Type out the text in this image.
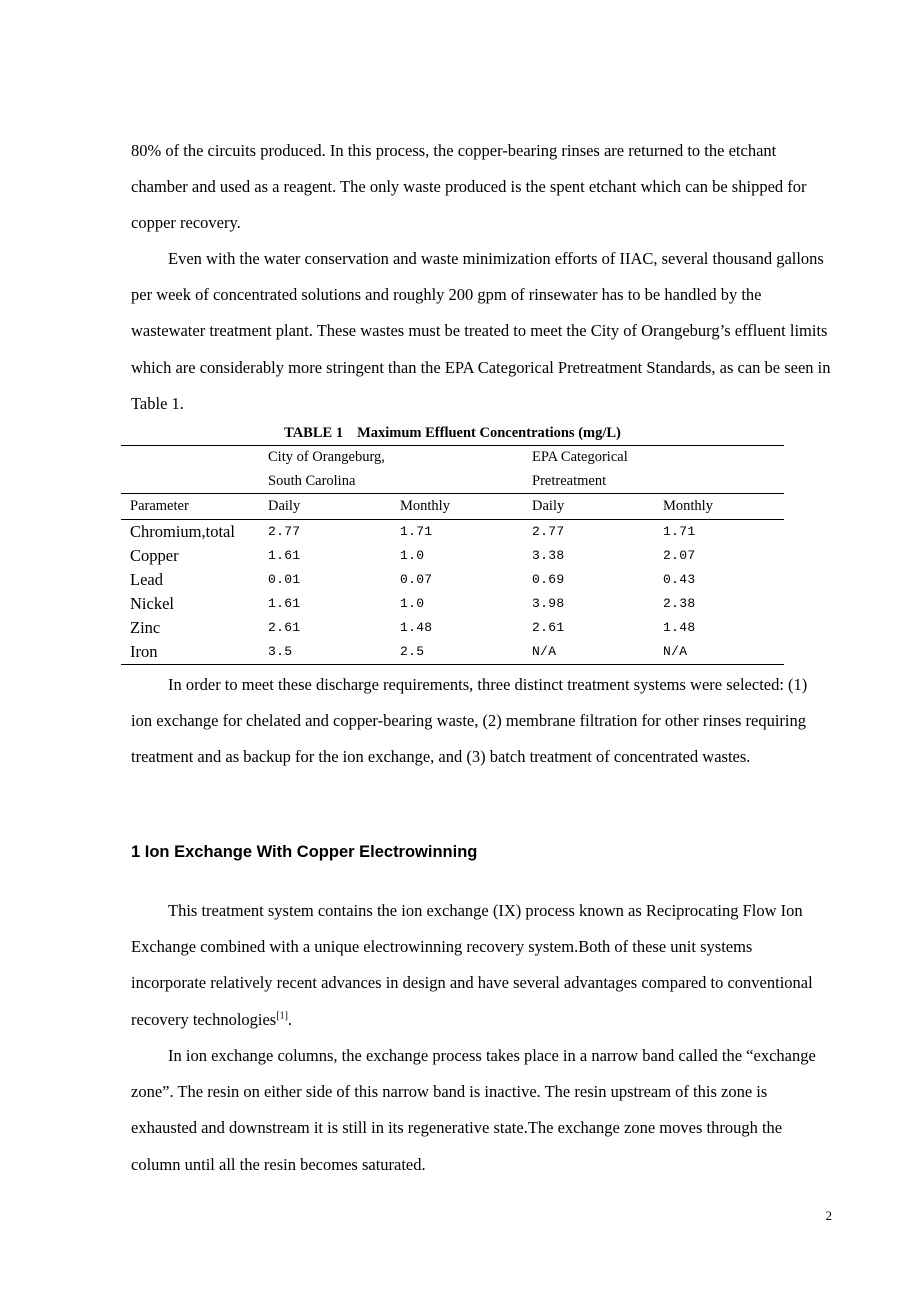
80% of the circuits produced. In this process, the copper-bearing rinses are returned to the etchant chamber and used as a reagent. The only waste produced is the spent etchant which can be shipped for copper recovery.

Even with the water conservation and waste minimization efforts of IIAC, several thousand gallons per week of concentrated solutions and roughly 200 gpm of rinsewater has to be handled by the wastewater treatment plant. These wastes must be treated to meet the City of Orangeburg’s effluent limits which are considerably more stringent than the EPA Categorical Pretreatment Standards, as can be seen in Table 1.

TABLE 1 Maximum Effluent Concentrations (mg/L)
	City of Orangeburg,		EPA Categorical	
	South Carolina		Pretreatment	
Parameter	Daily	Monthly	Daily	Monthly
Chromium,total	2.77	1.71	2.77	1.71
Copper	1.61	1.0	3.38	2.07
Lead	0.01	0.07	0.69	0.43
Nickel	1.61	1.0	3.98	2.38
Zinc	2.61	1.48	2.61	1.48
Iron	3.5	2.5	N/A	N/A

In order to meet these discharge requirements, three distinct treatment systems were selected: (1) ion exchange for chelated and copper-bearing waste, (2) membrane filtration for other rinses requiring treatment and as backup for the ion exchange, and (3) batch treatment of concentrated wastes.

1 Ion Exchange With Copper Electrowinning

This treatment system contains the ion exchange (IX) process known as Reciprocating Flow Ion Exchange combined with a unique electrowinning recovery system.Both of these unit systems incorporate relatively recent advances in design and have several advantages compared to conventional recovery technologies[1].

In ion exchange columns, the exchange process takes place in a narrow band called the “exchange zone”. The resin on either side of this narrow band is inactive. The resin upstream of this zone is exhausted and downstream it is still in its regenerative state.The exchange zone moves through the column until all the resin becomes saturated.

2
